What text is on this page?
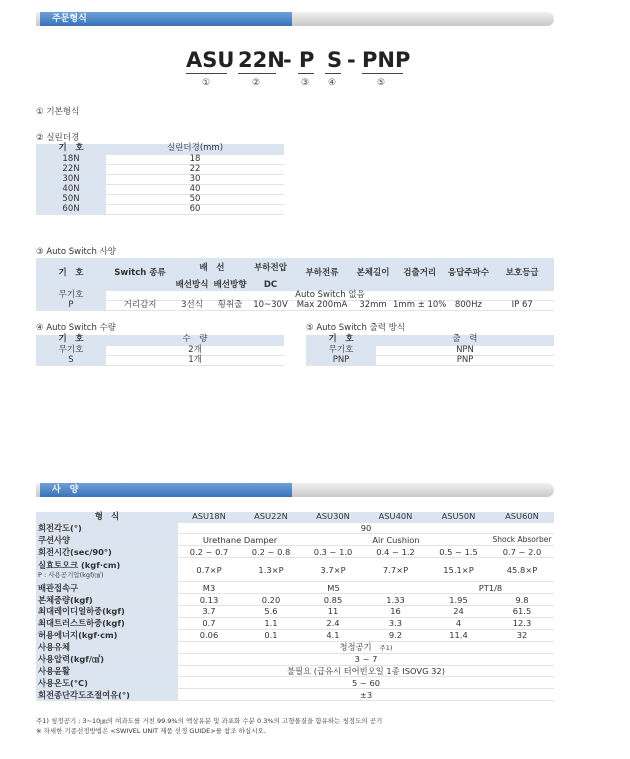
주문형식
ASU 22N
- P S - PNP
①	②	③ ④	⑤
① 기본형식
② 실린더경
기　호	실린더경(mm)
18N	18
22N	22
30N	30
40N	40
50N	50
60N	60
③ Auto Switch 사양
기　호	Switch 종류	배　선		부하전압	부하전류	본체길이	검출거리	응답주파수	보호등급
		배선방식	배선방향	DC					
무기호	Auto Switch 없음								
P	거리감지	3선식	횡취출	10~30V	Max 200mA	32mm	1mm ± 10%	800Hz	IP 67
④ Auto Switch 수량
기　호	수　량
무기호	2개
S	1개
⑤ Auto Switch 출력 방식
기　호	출　력
무기호	NPN
PNP	PNP
사　양
형　식	ASU18N	ASU22N	ASU30N	ASU40N	ASU50N	ASU60N
회전각도(°)	90					
쿠션사양	Urethane Damper		Air Cushion			Shock Absorber
회전시간(sec/90°)	0.2 ~ 0.7	0.2 ~ 0.8	0.3 ~ 1.0	0.4 ~ 1.2	0.5 ~ 1.5	0.7 ~ 2.0

실효토오크 (kgf·cm)
P : 사용공기압(kgf/㎠)	0.7×P	1.3×P	3.7×P	7.7×P	15.1×P	45.8×P
배관접속구	M3	M5			PT1/8	
본체중량(kgf)	0.13	0.20	0.85	1.33	1.95	9.8
최대레이디얼하중(kgf)	3.7	5.6	11	16	24	61.5
최대트러스트하중(kgf)	0.7	1.1	2.4	3.3	4	12.3
허용에너지(kgf·cm)	0.06	0.1	4.1	9.2	11.4	32
사용유체	청정공기 주1)					
사용압력(kgf/㎠)	3 ~ 7					
사용윤활	불필요 (급유시 터어빈오일 1종 ISOVG 32)					
사용온도(°C)	5 ~ 60					
회전종단각도조절여유(°)	±3					
주1) 청정공기 : 3~10㎛의 여과도를 거친 99.9%의 액상유분 및 과포화 수분 0.3%의 고형물질을 함유하는 청정도의 공기
※ 자세한 기종선정방법은 <SWIVEL UNIT 제품 선정 GUIDE>를 참조 하십시오.
